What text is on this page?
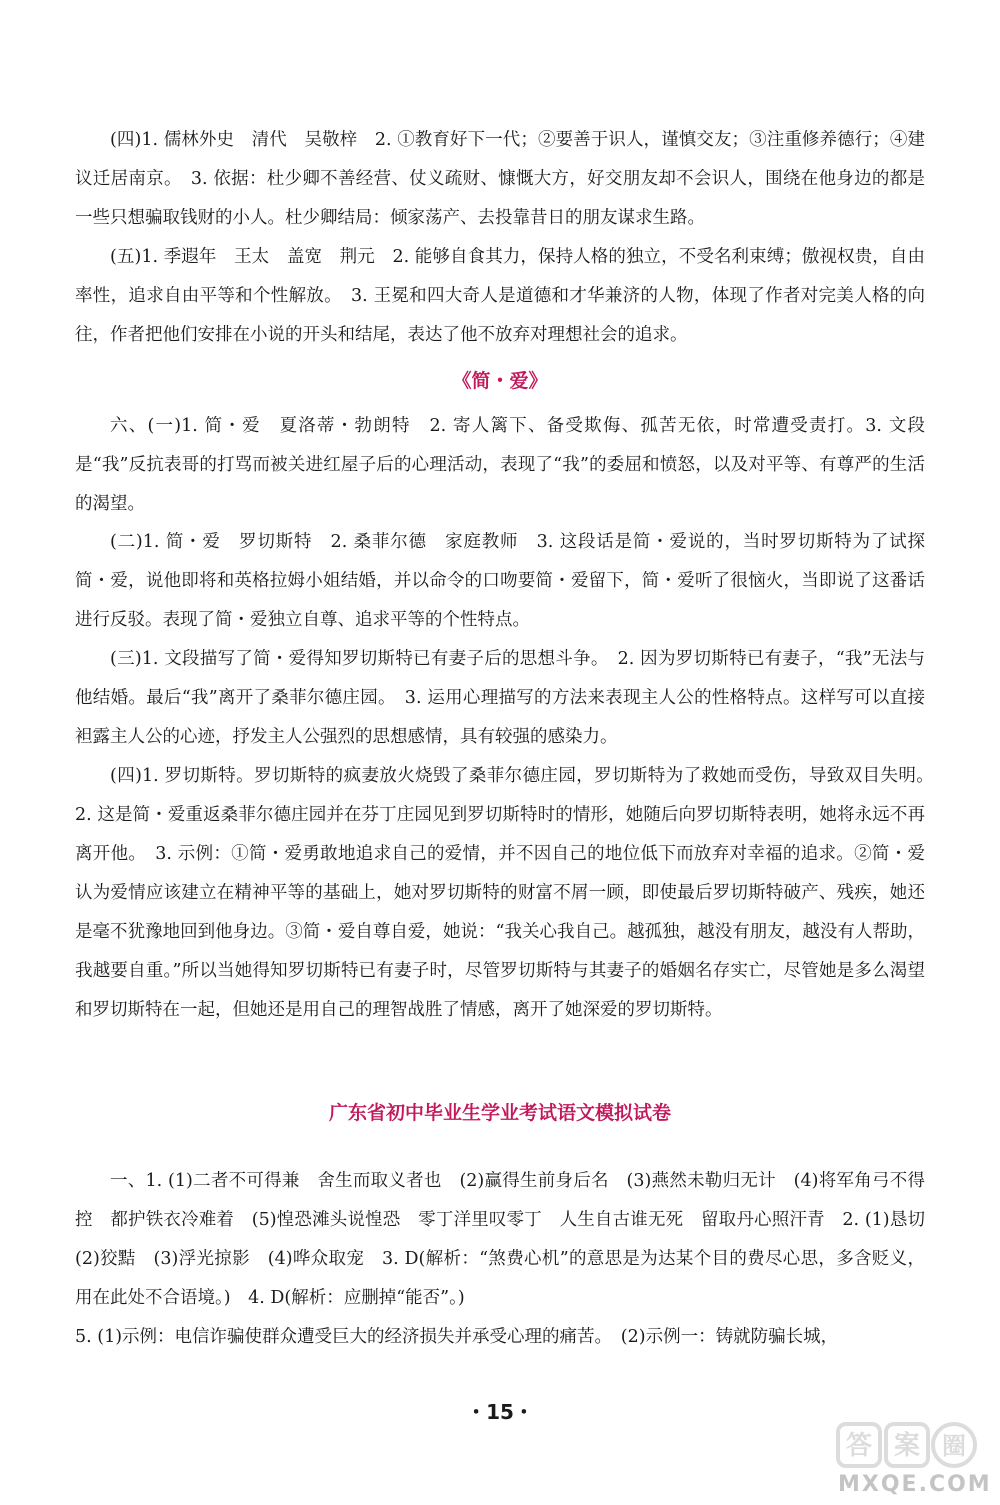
(四)1. 儒林外史　清代　吴敬梓　2. ①教育好下一代；②要善于识人，谨慎交友；③注重修养德行；④建议迁居南京。　3. 依据：杜少卿不善经营、仗义疏财、慷慨大方，好交朋友却不会识人，围绕在他身边的都是一些只想骗取钱财的小人。杜少卿结局：倾家荡产、去投靠昔日的朋友谋求生路。

(五)1. 季遐年　王太　盖宽　荆元　2. 能够自食其力，保持人格的独立，不受名利束缚；傲视权贵，自由率性，追求自由平等和个性解放。　3. 王冕和四大奇人是道德和才华兼济的人物，体现了作者对完美人格的向往，作者把他们安排在小说的开头和结尾，表达了他不放弃对理想社会的追求。

《简・爱》

六、(一)1. 简・爱　夏洛蒂・勃朗特　2. 寄人篱下、备受欺侮、孤苦无依，时常遭受责打。3. 文段是“我”反抗表哥的打骂而被关进红屋子后的心理活动，表现了“我”的委屈和愤怒，以及对平等、有尊严的生活的渴望。

(二)1. 简・爱　罗切斯特　2. 桑菲尔德　家庭教师　3. 这段话是简・爱说的，当时罗切斯特为了试探简・爱，说他即将和英格拉姆小姐结婚，并以命令的口吻要简・爱留下，简・爱听了很恼火，当即说了这番话进行反驳。表现了简・爱独立自尊、追求平等的个性特点。

(三)1. 文段描写了简・爱得知罗切斯特已有妻子后的思想斗争。　2. 因为罗切斯特已有妻子，“我”无法与他结婚。最后“我”离开了桑菲尔德庄园。　3. 运用心理描写的方法来表现主人公的性格特点。这样写可以直接袒露主人公的心迹，抒发主人公强烈的思想感情，具有较强的感染力。

(四)1. 罗切斯特。罗切斯特的疯妻放火烧毁了桑菲尔德庄园，罗切斯特为了救她而受伤，导致双目失明。　2. 这是简・爱重返桑菲尔德庄园并在芬丁庄园见到罗切斯特时的情形，她随后向罗切斯特表明，她将永远不再离开他。　3. 示例：①简・爱勇敢地追求自己的爱情，并不因自己的地位低下而放弃对幸福的追求。②简・爱认为爱情应该建立在精神平等的基础上，她对罗切斯特的财富不屑一顾，即使最后罗切斯特破产、残疾，她还是毫不犹豫地回到他身边。③简・爱自尊自爱，她说：“我关心我自己。越孤独，越没有朋友，越没有人帮助，我越要自重。”所以当她得知罗切斯特已有妻子时，尽管罗切斯特与其妻子的婚姻名存实亡，尽管她是多么渴望和罗切斯特在一起，但她还是用自己的理智战胜了情感，离开了她深爱的罗切斯特。

广东省初中毕业生学业考试语文模拟试卷

一、1. (1)二者不可得兼　舍生而取义者也　(2)赢得生前身后名　(3)燕然未勒归无计　(4)将军角弓不得控　都护铁衣冷难着　(5)惶恐滩头说惶恐　零丁洋里叹零丁　人生自古谁无死　留取丹心照汗青　2. (1)恳切　(2)狡黠　(3)浮光掠影　(4)哗众取宠　3. D(解析：“煞费心机”的意思是为达某个目的费尽心思，多含贬义，用在此处不合语境。)　4. D(解析：应删掉“能否”。)

5. (1)示例：电信诈骗使群众遭受巨大的经济损失并承受心理的痛苦。　(2)示例一：铸就防骗长城，

・15・
答 案 圈
MXQE.COM
